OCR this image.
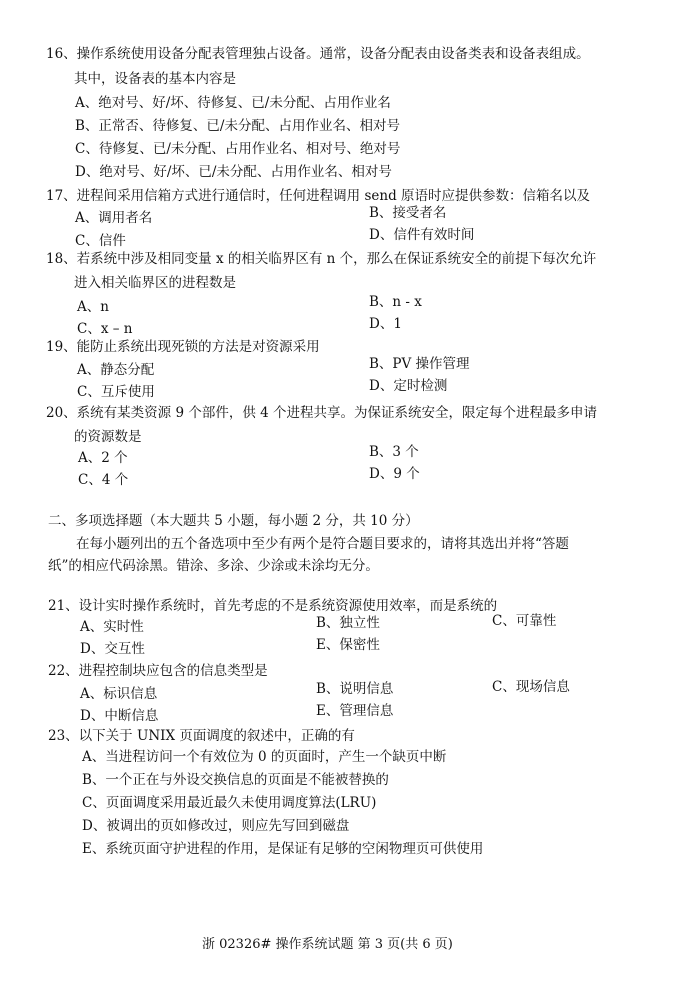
16、操作系统使用设备分配表管理独占设备。通常，设备分配表由设备类表和设备表组成。
其中，设备表的基本内容是
A、绝对号、好/坏、待修复、已/未分配、占用作业名
B、正常否、待修复、已/未分配、占用作业名、相对号
C、待修复、已/未分配、占用作业名、相对号、绝对号
D、绝对号、好/坏、已/未分配、占用作业名、相对号
17、进程间采用信箱方式进行通信时，任何进程调用 send 原语时应提供参数：信箱名以及
A、调用者名	B、接受者名
C、信件	D、信件有效时间
18、若系统中涉及相同变量 x 的相关临界区有 n 个，那么在保证系统安全的前提下每次允许
进入相关临界区的进程数是
A、n	B、n - x
C、x – n	D、1
19、能防止系统出现死锁的方法是对资源采用
A、静态分配	B、PV 操作管理
C、互斥使用	D、定时检测
20、系统有某类资源 9 个部件，供 4 个进程共享。为保证系统安全，限定每个进程最多申请
的资源数是
A、2 个	B、3 个
C、4 个	D、9 个
二、多项选择题（本大题共 5 小题，每小题 2 分，共 10 分）
在每小题列出的五个备选项中至少有两个是符合题目要求的，请将其选出并将“答题
纸”的相应代码涂黑。错涂、多涂、少涂或未涂均无分。
21、设计实时操作系统时，首先考虑的不是系统资源使用效率，而是系统的
A、实时性	B、独立性	C、可靠性
D、交互性	E、保密性
22、进程控制块应包含的信息类型是
A、标识信息	B、说明信息	C、现场信息
D、中断信息	E、管理信息
23、以下关于 UNIX 页面调度的叙述中，正确的有
A、当进程访问一个有效位为 0 的页面时，产生一个缺页中断
B、一个正在与外设交换信息的页面是不能被替换的
C、页面调度采用最近最久未使用调度算法(LRU)
D、被调出的页如修改过，则应先写回到磁盘
E、系统页面守护进程的作用，是保证有足够的空闲物理页可供使用
浙 02326# 操作系统试题 第 3 页(共 6 页)
